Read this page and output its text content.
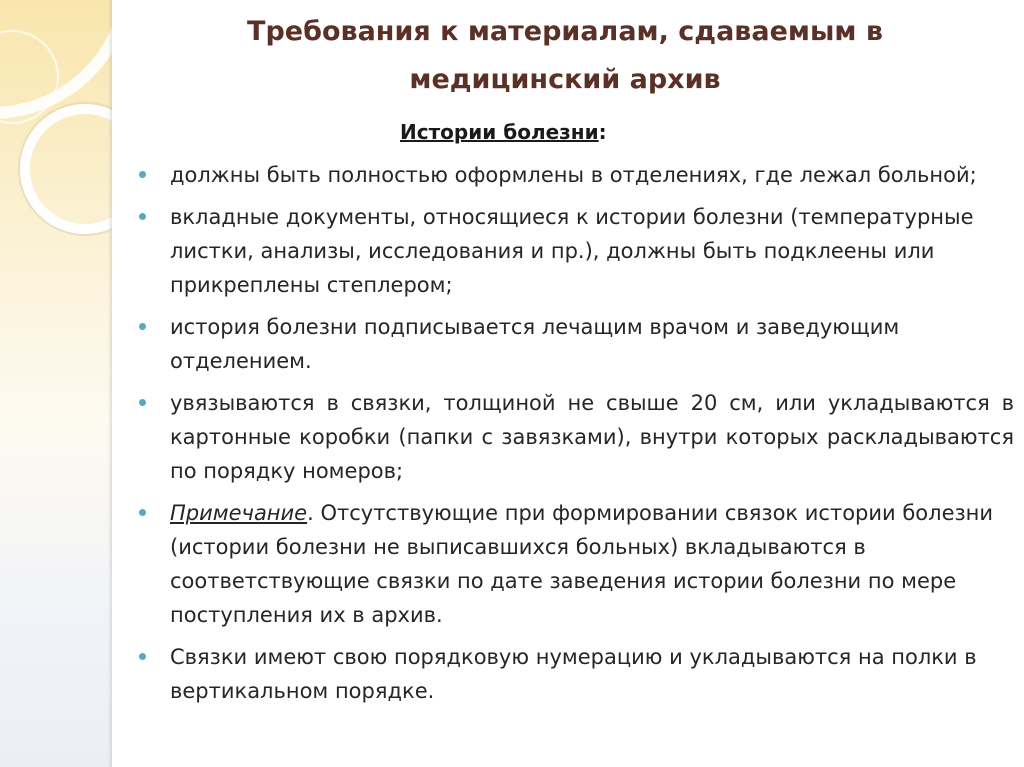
Требования к материалам, сдаваемым в медицинский архив
Истории болезни:
должны быть полностью оформлены в отделениях, где лежал больной;
вкладные документы, относящиеся к истории болезни (температурные листки, анализы, исследования и пр.), должны быть подклеены или прикреплены степлером;
история болезни подписывается лечащим врачом и заведующим отделением.
увязываются в связки, толщиной не свыше 20 см, или укладываются в картонные коробки (папки с завязками), внутри которых раскладываются по порядку номеров;
Примечание. Отсутствующие при формировании связок истории болезни (истории болезни не выписавшихся больных) вкладываются в соответствующие связки по дате заведения истории болезни по мере поступления их в архив.
Связки имеют свою порядковую нумерацию и укладываются на полки в вертикальном порядке.
